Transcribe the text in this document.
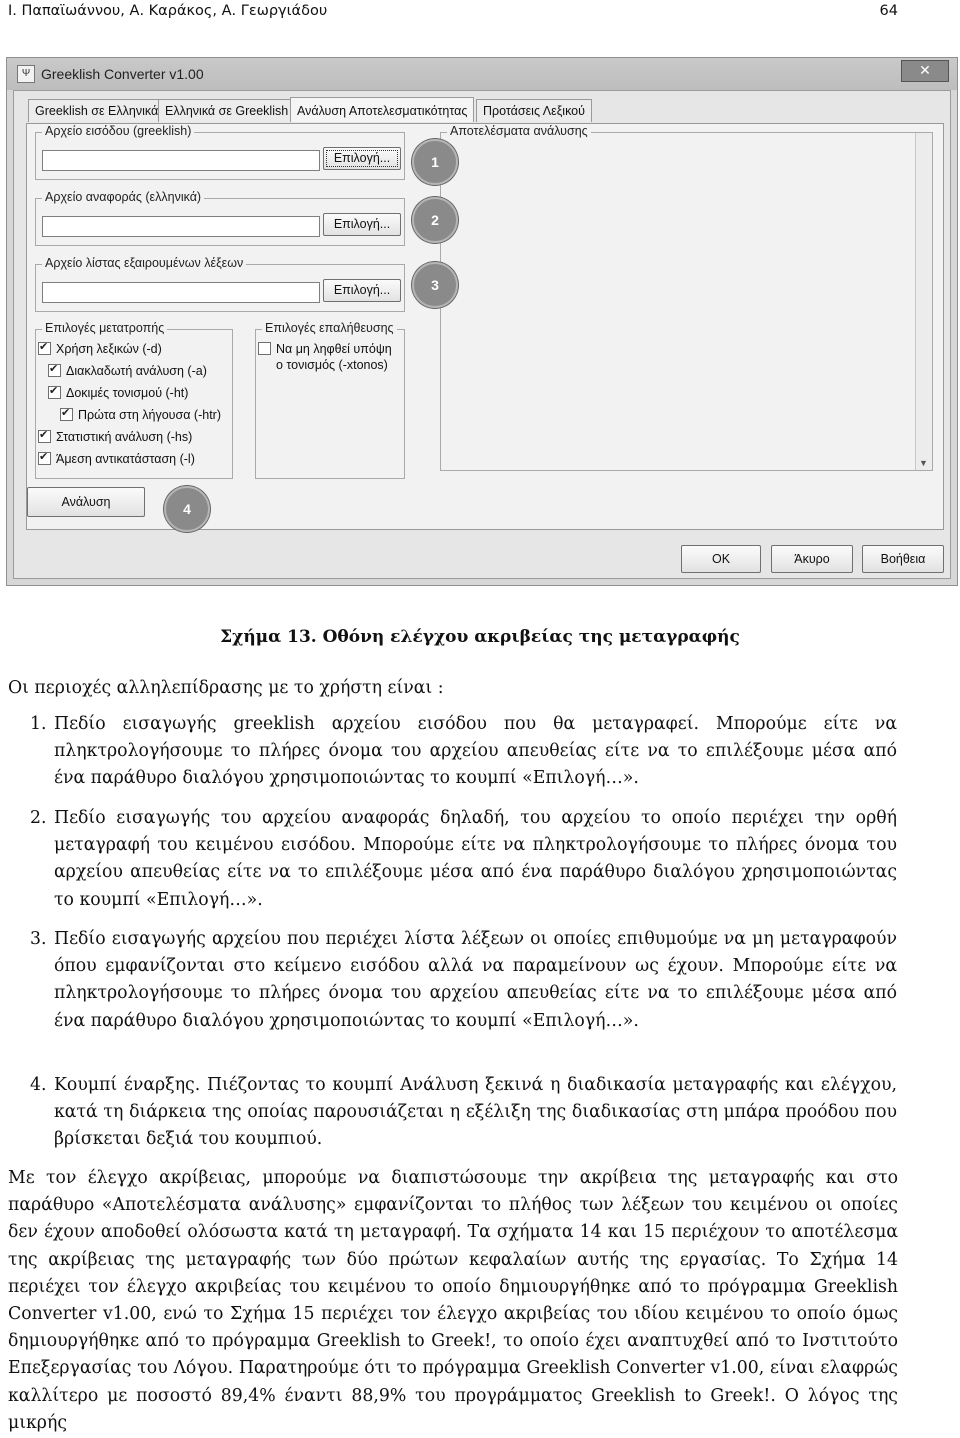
Ι. Παπαϊωάννου, Α. Καράκος, Α. Γεωργιάδου	64
Ψ Greeklish Converter v1.00	✕
Greeklish σε Ελληνικά Ελληνικά σε Greeklish Ανάλυση Αποτελεσματικότητας	Προτάσεις Λεξικού
Αρχείο εισόδου (greeklish)
Επιλογή...
Αρχείο αναφοράς (ελληνικά)
Επιλογή...
Αρχείο λίστας εξαιρουμένων λέξεων
Επιλογή...
Επιλογές μετατροπής
✔Χρήση λεξικών (-d)
✔Διακλαδωτή ανάλυση (-a)
✔Δοκιμές τονισμού (-ht)
✔Πρώτα στη λήγουσα (-htr)
✔Στατιστική ανάλυση (-hs)
✔Άμεση αντικατάσταση (-l)
Επιλογές επαλήθευσης
Να μη ληφθεί υπόψη
ο τονισμός (-xtonos)
Αποτελέσματα ανάλυσης
▼
Ανάλυση
OK	Άκυρο	Βοήθεια
1
2
3
4
Σχήμα 13. Οθόνη ελέγχου ακριβείας της μεταγραφής
Οι περιοχές αλληλεπίδρασης με το χρήστη είναι :
1. Πεδίο εισαγωγής greeklish αρχείου εισόδου που θα μεταγραφεί. Μπορούμε είτε να πληκτρολογήσουμε το πλήρες όνομα του αρχείου απευθείας είτε να το επιλέξουμε μέσα από ένα παράθυρο διαλόγου χρησιμοποιώντας το κουμπί «Επιλογή…».
2. Πεδίο εισαγωγής του αρχείου αναφοράς δηλαδή, του αρχείου το οποίο περιέχει την ορθή μεταγραφή του κειμένου εισόδου. Μπορούμε είτε να πληκτρολογήσουμε το πλήρες όνομα του αρχείου απευθείας είτε να το επιλέξουμε μέσα από ένα παράθυρο διαλόγου χρησιμοποιώντας το κουμπί «Επιλογή…».
3. Πεδίο εισαγωγής αρχείου που περιέχει λίστα λέξεων οι οποίες επιθυμούμε να μη μεταγραφούν όπου εμφανίζονται στο κείμενο εισόδου αλλά να παραμείνουν ως έχουν. Μπορούμε είτε να πληκτρολογήσουμε το πλήρες όνομα του αρχείου απευθείας είτε να το επιλέξουμε μέσα από ένα παράθυρο διαλόγου χρησιμοποιώντας το κουμπί «Επιλογή…».
4. Κουμπί έναρξης. Πιέζοντας το κουμπί Ανάλυση ξεκινά η διαδικασία μεταγραφής και ελέγχου, κατά τη διάρκεια της οποίας παρουσιάζεται η εξέλιξη της διαδικασίας στη μπάρα προόδου που βρίσκεται δεξιά του κουμπιού.
Με τον έλεγχο ακρίβειας, μπορούμε να διαπιστώσουμε την ακρίβεια της μεταγραφής και στο παράθυρο «Αποτελέσματα ανάλυσης» εμφανίζονται το πλήθος των λέξεων του κειμένου οι οποίες δεν έχουν αποδοθεί ολόσωστα κατά τη μεταγραφή. Τα σχήματα 14 και 15 περιέχουν το αποτέλεσμα της ακρίβειας της μεταγραφής των δύο πρώτων κεφαλαίων αυτής της εργασίας. Το Σχήμα 14 περιέχει τον έλεγχο ακριβείας του κειμένου το οποίο δημιουργήθηκε από το πρόγραμμα Greeklish Converter v1.00, ενώ το Σχήμα 15 περιέχει τον έλεγχο ακριβείας του ιδίου κειμένου το οποίο όμως δημιουργήθηκε από το πρόγραμμα Greeklish to Greek!, το οποίο έχει αναπτυχθεί από το Ινστιτούτο Επεξεργασίας του Λόγου. Παρατηρούμε ότι το πρόγραμμα Greeklish Converter v1.00, είναι ελαφρώς καλλίτερο με ποσοστό 89,4% έναντι 88,9% του προγράμματος Greeklish to Greek!. Ο λόγος της μικρής
